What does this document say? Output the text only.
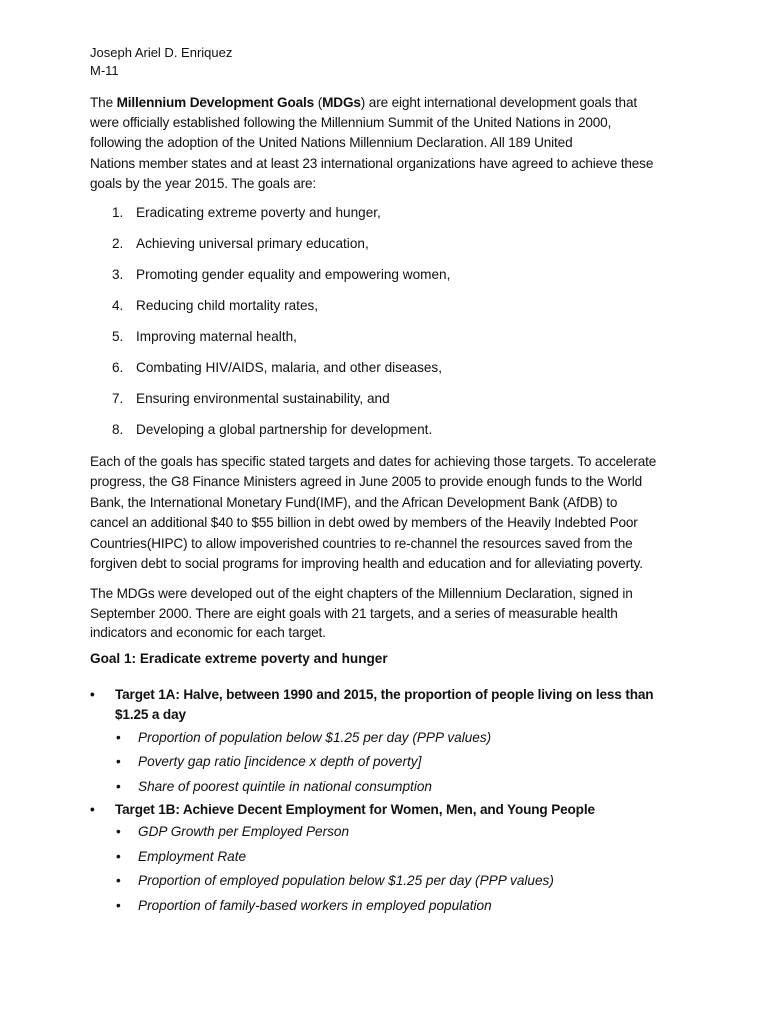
Joseph Ariel D. Enriquez
M-11
The Millennium Development Goals (MDGs) are eight international development goals that
were officially established following the Millennium Summit of the United Nations in 2000,
following the adoption of the United Nations Millennium Declaration. All 189 United
Nations member states and at least 23 international organizations have agreed to achieve these
goals by the year 2015. The goals are:
1. Eradicating extreme poverty and hunger,
2. Achieving universal primary education,
3. Promoting gender equality and empowering women,
4. Reducing child mortality rates,
5. Improving maternal health,
6. Combating HIV/AIDS, malaria, and other diseases,
7. Ensuring environmental sustainability, and
8. Developing a global partnership for development.
Each of the goals has specific stated targets and dates for achieving those targets. To accelerate
progress, the G8 Finance Ministers agreed in June 2005 to provide enough funds to the World
Bank, the International Monetary Fund(IMF), and the African Development Bank (AfDB) to
cancel an additional $40 to $55 billion in debt owed by members of the Heavily Indebted Poor
Countries(HIPC) to allow impoverished countries to re-channel the resources saved from the
forgiven debt to social programs for improving health and education and for alleviating poverty.
The MDGs were developed out of the eight chapters of the Millennium Declaration, signed in
September 2000. There are eight goals with 21 targets, and a series of measurable health
indicators and economic for each target.
Goal 1: Eradicate extreme poverty and hunger
• Target 1A: Halve, between 1990 and 2015, the proportion of people living on less than
$1.25 a day
• Proportion of population below $1.25 per day (PPP values)
• Poverty gap ratio [incidence x depth of poverty]
• Share of poorest quintile in national consumption
• Target 1B: Achieve Decent Employment for Women, Men, and Young People
• GDP Growth per Employed Person
• Employment Rate
• Proportion of employed population below $1.25 per day (PPP values)
• Proportion of family-based workers in employed population
